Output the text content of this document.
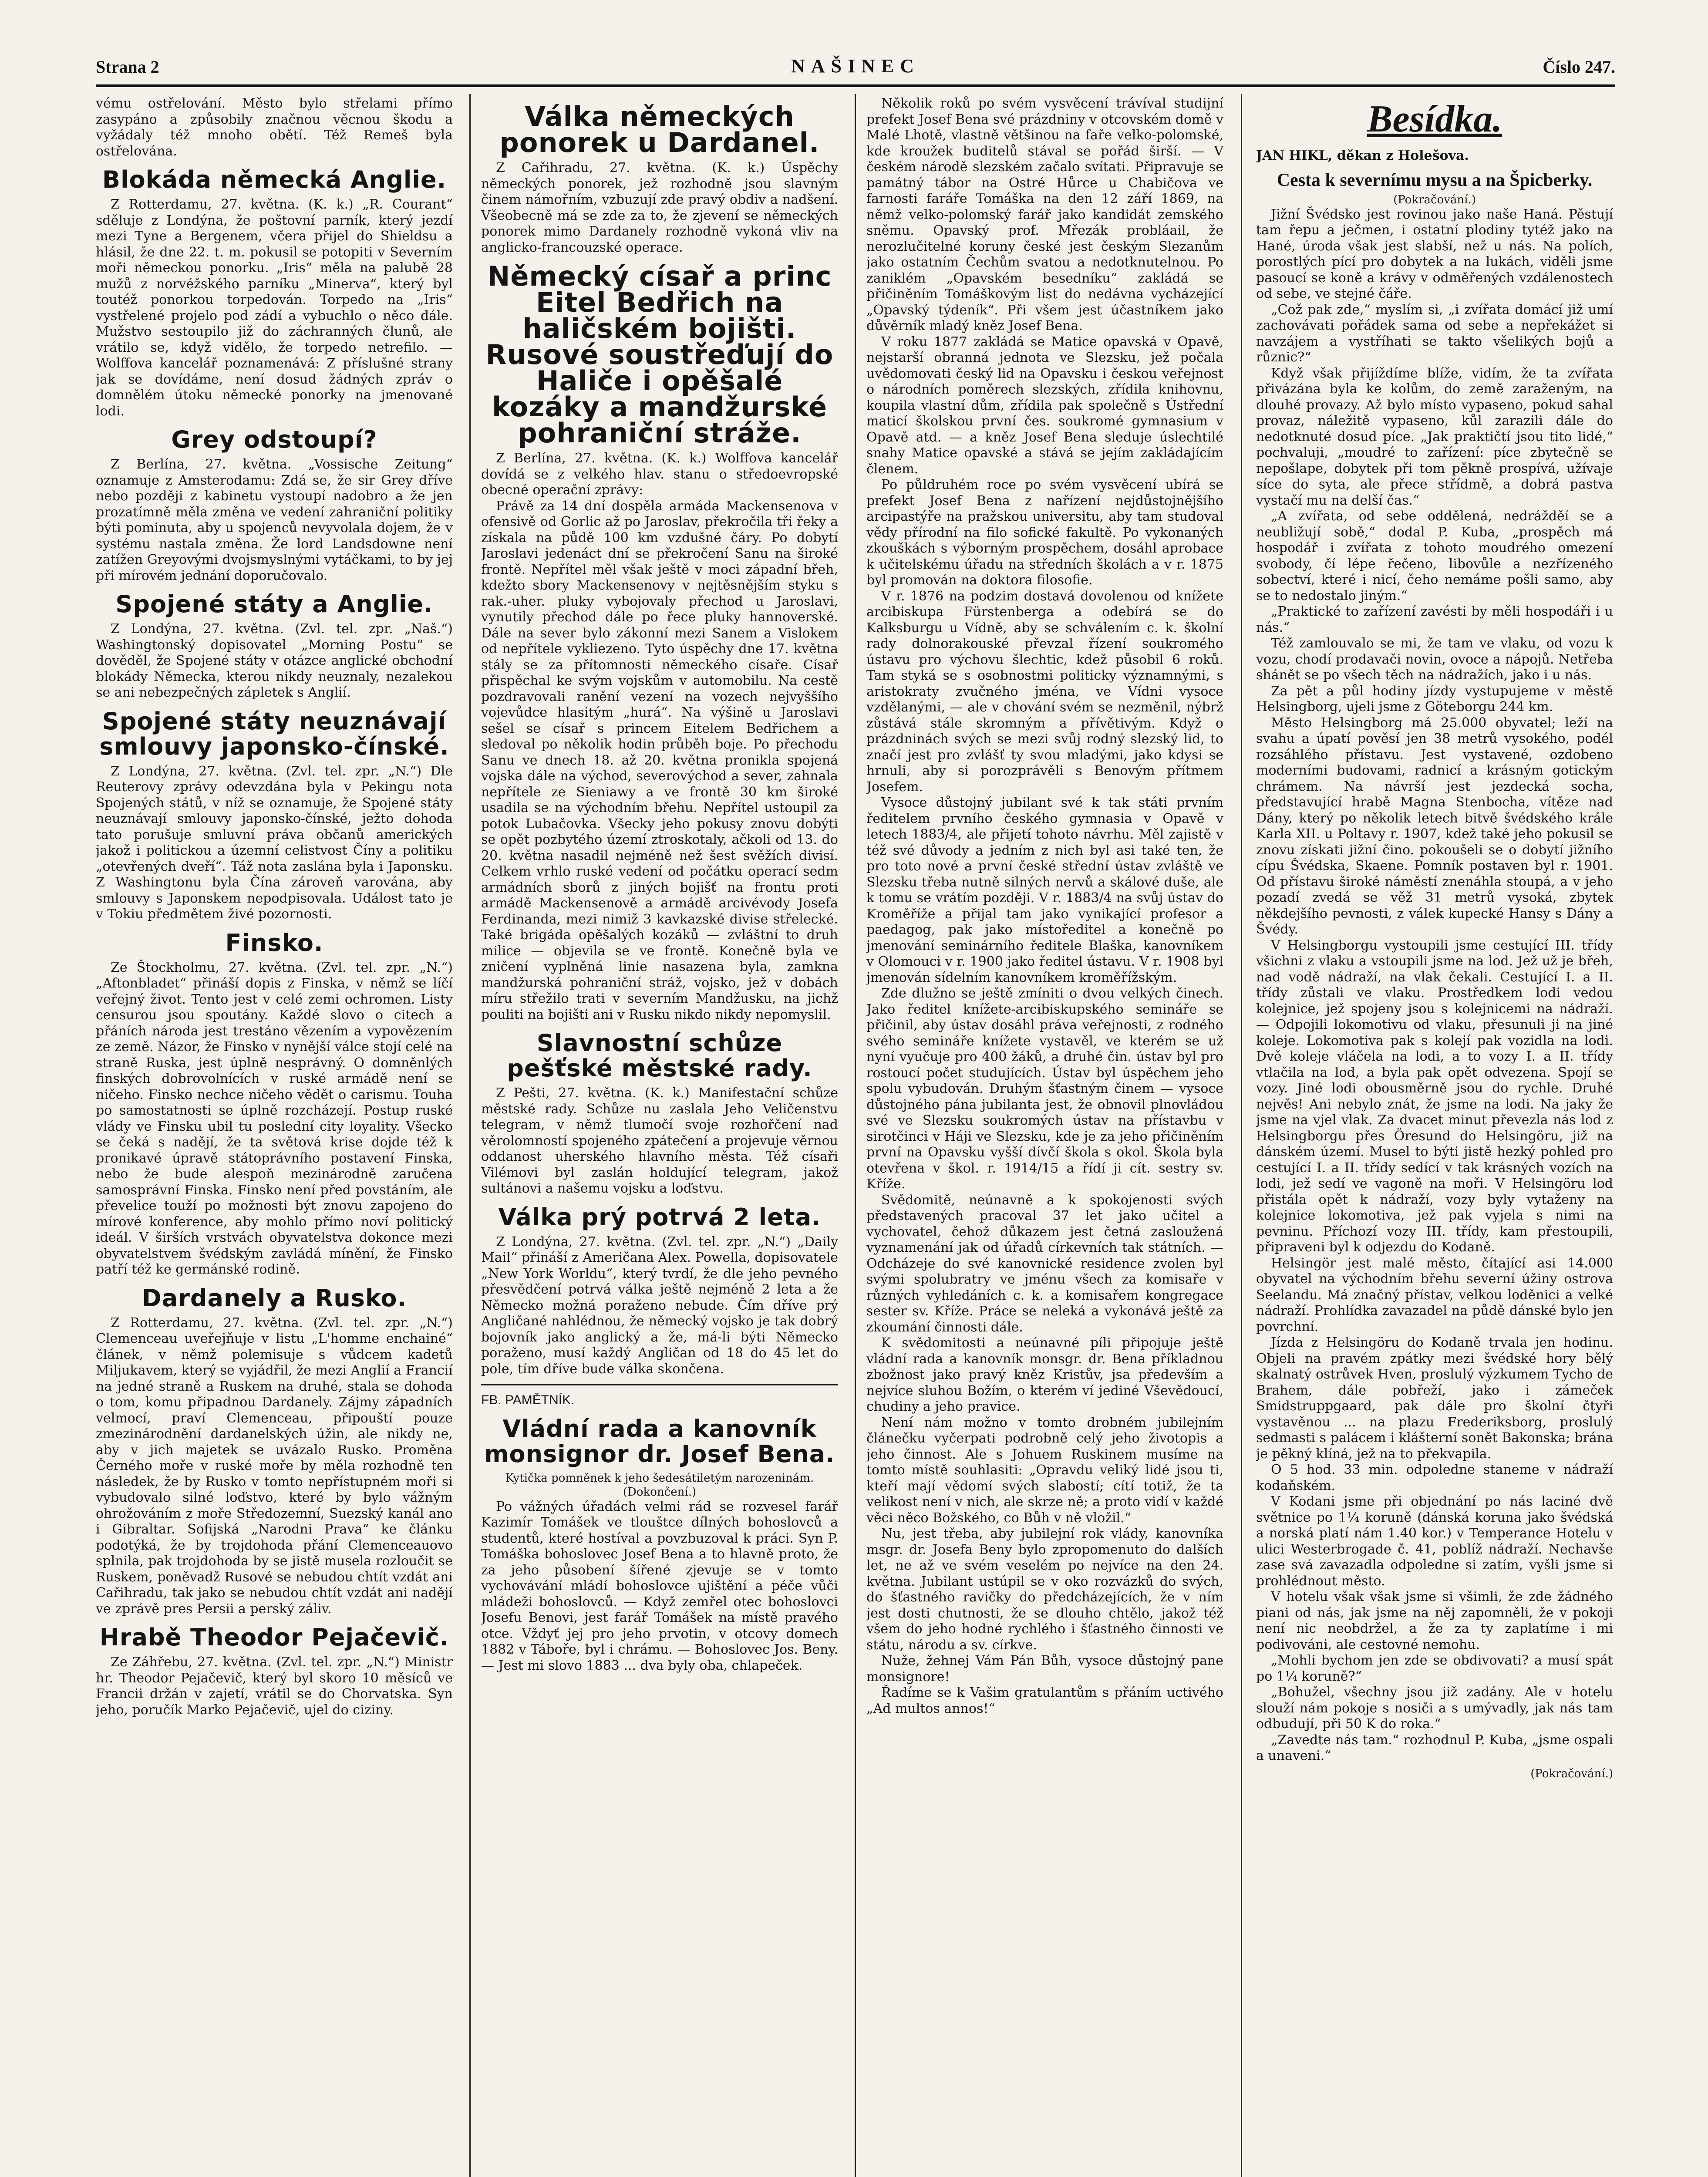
Strana 2	NAŠINEC	Číslo 247.

vému ostřelování. Město bylo střelami přímo zasypáno a způsobily značnou věcnou škodu a vyžádaly též mnoho obětí. Též Remeš byla ostřelována.

Blokáda německá Anglie.

Z Rotterdamu, 27. května. (K. k.) „R. Courant“ sděluje z Londýna, že poštovní parník, který jezdí mezi Tyne a Bergenem, včera přijel do Shieldsu a hlásil, že dne 22. t. m. pokusil se potopiti v Severním moři německou ponorku. „Iris“ měla na palubě 28 mužů z norvéžského parníku „Minerva“, který byl toutéž ponorkou torpedován. Torpedo na „Iris“ vystřelené projelo pod zádí a vybuchlo o něco dále. Mužstvo sestoupilo již do záchranných člunů, ale vrátilo se, když vidělo, že torpedo netrefilo. — Wolffova kancelář poznamenává: Z příslušné strany jak se dovídáme, není dosud žádných zpráv o domnělém útoku německé ponorky na jmenované lodi.

Grey odstoupí?

Z Berlína, 27. května. „Vossische Zeitung“ oznamuje z Amsterodamu: Zdá se, že sir Grey dříve nebo později z kabinetu vystoupí nadobro a že jen prozatímně měla změna ve vedení zahraniční politiky býti pominuta, aby u spojenců nevyvolala dojem, že v systému nastala změna. Že lord Landsdowne není zatížen Greyovými dvojsmyslnými vytáčkami, to by jej při mírovém jednání doporučovalo.

Spojené státy a Anglie.

Z Londýna, 27. května. (Zvl. tel. zpr. „Naš.“) Washingtonský dopisovatel „Morning Postu“ se dověděl, že Spojené státy v otázce anglické obchodní blokády Německa, kterou nikdy neuznaly, nezalekou se ani nebezpečných zápletek s Anglií.

Spojené státy neuznávají smlouvy japonsko-čínské.

Z Londýna, 27. května. (Zvl. tel. zpr. „N.“) Dle Reuterovy zprávy odevzdána byla v Pekingu nota Spojených států, v níž se oznamuje, že Spojené státy neuznávají smlouvy japonsko-čínské, ježto dohoda tato porušuje smluvní práva občanů amerických jakož i politickou a územní celistvost Číny a politiku „otevřených dveří“. Táž nota zaslána byla i Japonsku. Z Washingtonu byla Čína zároveň varována, aby smlouvy s Japonskem nepodpisovala. Událost tato je v Tokiu předmětem živé pozornosti.

Finsko.

Ze Štockholmu, 27. května. (Zvl. tel. zpr. „N.“) „Aftonbladet“ přináší dopis z Finska, v němž se líčí veřejný život. Tento jest v celé zemi ochromen. Listy censurou jsou spoutány. Každé slovo o citech a přáních národa jest trestáno vězením a vypovězením ze země. Názor, že Finsko v nynější válce stojí celé na straně Ruska, jest úplně nesprávný. O domněnlých finských dobrovolnících v ruské armádě není se ničeho. Finsko nechce ničeho vědět o carismu. Touha po samostatnosti se úplně rozcházejí. Postup ruské vlády ve Finsku ubil tu poslední city loyality. Všecko se čeká s nadějí, že ta světová krise dojde též k pronikavé úpravě státoprávního postavení Finska, nebo že bude alespoň mezinárodně zaručena samosprávní Finska. Finsko není před povstáním, ale převelice touží po možnosti být znovu zapojeno do mírové konference, aby mohlo přímo noví politický ideál. V širších vrstvách obyvatelstva dokonce mezi obyvatelstvem švédským zavládá mínění, že Finsko patří též ke germánské rodině.

Dardanely a Rusko.

Z Rotterdamu, 27. května. (Zvl. tel. zpr. „N.“) Clemenceau uveřejňuje v listu „L'homme enchainé“ článek, v němž polemisuje s vůdcem kadetů Miljukavem, který se vyjádřil, že mezi Anglií a Francií na jedné straně a Ruskem na druhé, stala se dohoda o tom, komu připadnou Dardanely. Zájmy západních velmocí, praví Clemenceau, připouští pouze zmezinárodnění dardanelských úžin, ale nikdy ne, aby v jich majetek se uvázalo Rusko. Proměna Černého moře v ruské moře by měla rozhodně ten následek, že by Rusko v tomto nepřístupném moři si vybudovalo silné loďstvo, které by bylo vážným ohrožováním z moře Středozemní, Suezský kanál ano i Gibraltar. Sofijská „Narodni Prava“ ke článku podotýká, že by trojdohoda přání Clemenceauovo splnila, pak trojdohoda by se jistě musela rozloučit se Ruskem, poněvadž Rusové se nebudou chtít vzdát ani Cařihradu, tak jako se nebudou chtít vzdát ani nadějí ve zprávě pres Persii a perský záliv.

Hrabě Theodor Pejačevič.

Ze Záhřebu, 27. května. (Zvl. tel. zpr. „N.“) Ministr hr. Theodor Pejačevič, který byl skoro 10 měsíců ve Francii držán v zajetí, vrátil se do Chorvatska. Syn jeho, poručík Marko Pejačevič, ujel do ciziny.

Válka německých ponorek u Dardanel.

Z Cařihradu, 27. května. (K. k.) Úspěchy německých ponorek, jež rozhodně jsou slavným činem námořním, vzbuzují zde pravý obdiv a nadšení. Všeobecně má se zde za to, že zjevení se německých ponorek mimo Dardanely rozhodně vykoná vliv na anglicko-francouzské operace.

Německý císař a princ Eitel Bedřich na haličském bojišti. Rusové soustřeďují do Haliče i opěšalé kozáky a mandžurské pohraniční stráže.

Z Berlína, 27. května. (K. k.) Wolffova kancelář dovídá se z velkého hlav. stanu o středoevropské obecné operační zprávy:

Právě za 14 dní dospěla armáda Mackensenova v ofensivě od Gorlic až po Jaroslav, překročila tři řeky a získala na půdě 100 km vzdušné čáry. Po dobytí Jaroslavi jedenáct dní se překročení Sanu na široké frontě. Nepřítel měl však ještě v moci západní břeh, kdežto sbory Mackensenovy v nejtěsnějším styku s rak.-uher. pluky vybojovaly přechod u Jaroslavi, vynutily přechod dále po řece pluky hannoverské. Dále na sever bylo zákonní mezi Sanem a Vislokem od nepřítele vykliezeno. Tyto úspěchy dne 17. května stály se za přítomnosti německého císaře. Císař přispěchal ke svým vojskům v automobilu. Na cestě pozdravovali ranění vezení na vozech nejvyššího vojevůdce hlasitým „hurá“. Na výšině u Jaroslavi sešel se císař s princem Eitelem Bedřichem a sledoval po několik hodin průběh boje. Po přechodu Sanu ve dnech 18. až 20. května pronikla spojená vojska dále na východ, severovýchod a sever, zahnala nepřítele ze Sieniawy a ve frontě 30 km široké usadila se na východním břehu. Nepřítel ustoupil za potok Lubačovka. Všecky jeho pokusy znovu dobýti se opět pozbytého území ztroskotaly, ačkoli od 13. do 20. května nasadil nejméně než šest svěžích divisí. Celkem vrhlo ruské vedení od počátku operací sedm armádních sborů z jiných bojišť na frontu proti armádě Mackensenově a armádě arcivévody Josefa Ferdinanda, mezi nimiž 3 kavkazské divise střelecké. Také brigáda opěšalých kozáků — zvláštní to druh milice — objevila se ve frontě. Konečně byla ve zničení vyplněná linie nasazena byla, zamkna mandžurská pohraniční stráž, vojsko, jež v dobách míru střežilo trati v severním Mandžusku, na jichž pouliti na bojišti ani v Rusku nikdo nikdy nepomyslil.

Slavnostní schůze pešťské městské rady.

Z Pešti, 27. května. (K. k.) Manifestační schůze městské rady. Schůze nu zaslala Jeho Veličenstvu telegram, v němž tlumočí svoje rozhořčení nad věrolomností spojeného zpátečení a projevuje věrnou oddanost uherského hlavního města. Též císaři Vilémovi byl zaslán holdující telegram, jakož sultánovi a našemu vojsku a loďstvu.

Válka prý potrvá 2 leta.

Z Londýna, 27. května. (Zvl. tel. zpr. „N.“) „Daily Mail“ přináší z Američana Alex. Powella, dopisovatele „New York Worldu“, který tvrdí, že dle jeho pevného přesvědčení potrvá válka ještě nejméně 2 leta a že Německo možná poraženo nebude. Čím dříve prý Angličané nahlédnou, že německý vojsko je tak dobrý bojovník jako anglický a že, má-li býti Německo poraženo, musí každý Angličan od 18 do 45 let do pole, tím dříve bude válka skončena.

FB. PAMĚTNÍK.
Vládní rada a kanovník monsignor dr. Josef Bena.
Kytička pomněnek k jeho šedesátiletým narozeninám.
(Dokončení.)

Po vážných úřadách velmi rád se rozvesel farář Kazimír Tomášek ve tlouštce dílných bohoslovců a studentů, které hostíval a povzbuzoval k práci. Syn P. Tomáška bohoslovec Josef Bena a to hlavně proto, že za jeho působení šířené zjevuje se v tomto vychovávání mládí bohoslovce ujištění a péče vůči mládeži bohoslovců. — Když zemřel otec bohoslovci Josefu Benovi, jest farář Tomášek na místě pravého otce. Vždyť jej pro jeho prvotin, v otcovy domech 1882 v Táboře, byl i chrámu. — Bohoslovec Jos. Beny. — Jest mi slovo 1883 ... dva byly oba, chlapeček.

Několik roků po svém vysvěcení trávíval studijní prefekt Josef Bena své prázdniny v otcovském domě v Malé Lhotě, vlastně většinou na faře velko-polomské, kde kroužek buditelů stával se pořád širší. — V českém národě slezském začalo svítati. Připravuje se památný tábor na Ostré Hůrce u Chabičova ve farnosti faráře Tomáška na den 12 září 1869, na němž velko-polomský farář jako kandidát zemského sněmu. Opavský prof. Mřezák probláail, že nerozlučitelné koruny české jest českým Slezanům jako ostatním Čechům svatou a nedotknutelnou. Po zaniklém „Opavském besedníku“ zakládá se přičiněním Tomáškovým list do nedávna vycházející „Opavský týdeník“. Při všem jest účastníkem jako důvěrník mladý kněz Josef Bena.

V roku 1877 zakládá se Matice opavská v Opavě, nejstarší obranná jednota ve Slezsku, jež počala uvědomovati český lid na Opavsku i českou veřejnost o národních poměrech slezských, zřídila knihovnu, koupila vlastní dům, zřídila pak společně s Ústřední maticí školskou první čes. soukromé gymnasium v Opavě atd. — a kněz Josef Bena sleduje úslechtilé snahy Matice opavské a stává se jejím zakládajícím členem.

Po půldruhém roce po svém vysvěcení ubírá se prefekt Josef Bena z nařízení nejdůstojnějšího arcipastýře na pražskou universitu, aby tam studoval vědy přírodní na filo sofické fakultě. Po vykonaných zkouškách s výborným prospěchem, dosáhl aprobace k učitelskému úřadu na středních školách a v r. 1875 byl promován na doktora filosofie.

V r. 1876 na podzim dostavá dovolenou od knížete arcibiskupa Fürstenberga a odebírá se do Kalksburgu u Vídně, aby se schválením c. k. školní rady dolnorakouské převzal řízení soukromého ústavu pro výchovu šlechtic, kdež působil 6 roků. Tam styká se s osobnostmi politicky významnými, s aristokraty zvučného jména, ve Vídni vysoce vzdělanými, — ale v chování svém se nezměnil, nýbrž zůstává stále skromným a přívětivým. Když o prázdninách svých se mezi svůj rodný slezský lid, to značí jest pro zvlášť ty svou mladými, jako kdysi se hrnuli, aby si porozprávěli s Benovým přítmem Josefem.

Vysoce důstojný jubilant své k tak státi prvním ředitelem prvního českého gymnasia v Opavě v letech 1883/4, ale přijetí tohoto návrhu. Měl zajistě v též své důvody a jedním z nich byl asi také ten, že pro toto nové a první české střední ústav zvláště ve Slezsku třeba nutně silných nervů a skálové duše, ale k tomu se vrátím později. V r. 1883/4 na svůj ústav do Kroměříže a přijal tam jako vynikající profesor a paedagog, pak jako místoředitel a konečně po jmenování seminárního ředitele Blaška, kanovníkem v Olomouci v r. 1900 jako ředitel ústavu. V r. 1908 byl jmenován sídelním kanovníkem kroměřížským.

Zde dlužno se ještě zmíniti o dvou velkých činech. Jako ředitel knížete-arcibiskupského semináře se přičinil, aby ústav dosáhl práva veřejnosti, z rodného svého semináře knížete vystavěl, ve kterém se už nyní vyučuje pro 400 žáků, a druhé čin. ústav byl pro rostoucí počet studujících. Ústav byl úspěchem jeho spolu vybudován. Druhým šťastným činem — vysoce důstojného pána jubilanta jest, že obnovil plnovládou své ve Slezsku soukromých ústav na přístavbu v sirotčinci v Háji ve Slezsku, kde je za jeho přičiněním první na Opavsku vyšší dívčí škola s okol. Škola byla otevřena v škol. r. 1914/15 a řídí ji cít. sestry sv. Kříže.

Svědomitě, neúnavně a k spokojenosti svých představených pracoval 37 let jako učitel a vychovatel, čehož důkazem jest četná zasloužená vyznamenání jak od úřadů církevních tak státních. — Odcházeje do své kanovnické residence zvolen byl svými spolubratry ve jménu všech za komisaře v různých vyhledáních c. k. a komisařem kongregace sester sv. Kříže. Práce se neleká a vykonává ještě za zkoumání činnosti dále.

K svědomitosti a neúnavné píli připojuje ještě vládní rada a kanovník monsgr. dr. Bena příkladnou zbožnost jako pravý kněz Kristův, jsa především a nejvíce sluhou Božím, o kterém ví jediné Vševědoucí, chudiny a jeho pravice.

Není nám možno v tomto drobném jubilejním článečku vyčerpati podrobně celý jeho životopis a jeho činnost. Ale s Johuem Ruskinem musíme na tomto místě souhlasiti: „Opravdu veliký lidé jsou ti, kteří mají vědomí svých slabostí; cítí totiž, že ta velikost není v nich, ale skrze ně; a proto vidí v každé věci něco Božského, co Bůh v ně vložil.“

Nu, jest třeba, aby jubilejní rok vlády, kanovníka msgr. dr. Josefa Beny bylo zpropomenuto do dalších let, ne až ve svém veselém po nejvíce na den 24. května. Jubilant ustúpil se v oko rozvázků do svých, do šťastného ravičky do předcházejících, že v ním jest dosti chutnosti, že se dlouho chtělo, jakož též všem do jeho hodné rychlého i šťastného činnosti ve státu, národu a sv. církve.

Nuže, žehnej Vám Pán Bůh, vysoce důstojný pane monsignore!

Řadíme se k Vašim gratulantům s přáním uctivého „Ad multos annos!“

Besídka.
JAN HIKL, děkan z Holešova.
Cesta k severnímu mysu a na Špicberky.
(Pokračování.)

Jižní Švédsko jest rovinou jako naše Haná. Pěstují tam řepu a ječmen, i ostatní plodiny tytéž jako na Hané, úroda však jest slabší, než u nás. Na polích, porostlých pící pro dobytek a na lukách, viděli jsme pasoucí se koně a krávy v odměřených vzdálenostech od sebe, ve stejné čáře.

„Což pak zde,“ myslím si, „i zvířata domácí již umí zachovávati pořádek sama od sebe a nepřekážet si navzájem a vystříhati se takto všelikých bojů a různic?“

Když však přijíždíme blíže, vidím, že ta zvířata přivázána byla ke kolům, do země zaraženým, na dlouhé provazy. Až bylo místo vypaseno, pokud sahal provaz, náležitě vypaseno, kůl zarazili dále do nedotknuté dosud píce. „Jak praktičtí jsou tito lidé,“ pochvaluji, „moudré to zařízení: píce zbytečně se nepošlape, dobytek při tom pěkně prospívá, užívaje síce do syta, ale přece střídmě, a dobrá pastva vystačí mu na delší čas.“

„A zvířata, od sebe oddělená, nedrážděí se a neubližují sobě,“ dodal P. Kuba, „prospěch má hospodář i zvířata z tohoto moudrého omezení svobody, čí lépe řečeno, libovůle a nezřízeného sobectví, které i nicí, čeho nemáme pošli samo, aby se to nedostalo jiným.“

„Praktické to zařízení zavésti by měli hospodáři i u nás.“

Též zamlouvalo se mi, že tam ve vlaku, od vozu k vozu, chodí prodavači novin, ovoce a nápojů. Netřeba shánět se po všech těch na nádražích, jako i u nás.

Za pět a půl hodiny jízdy vystupujeme v městě Helsingborg, ujeli jsme z Göteborgu 244 km.

Město Helsingborg má 25.000 obyvatel; leží na svahu a úpatí pověsí jen 38 metrů vysokého, podél rozsáhlého přístavu. Jest vystavené, ozdobeno moderními budovami, radnicí a krásným gotickým chrámem. Na návrší jest jezdecká socha, představující hrabě Magna Stenbocha, vítěze nad Dány, který po několik letech bitvě švédského krále Karla XII. u Poltavy r. 1907, kdež také jeho pokusil se znovu získati jižní čino. pokoušeli se o dobytí jižního cípu Švédska, Skaene. Pomník postaven byl r. 1901. Od přístavu široké náměstí znenáhla stoupá, a v jeho pozadí zvedá se věž 31 metrů vysoká, zbytek někdejšího pevnosti, z válek kupecké Hansy s Dány a Švédy.

V Helsingborgu vystoupili jsme cestující III. třídy všichni z vlaku a vstoupili jsme na lod. Jež už je břeh, nad vodě nádraží, na vlak čekali. Cestující I. a II. třídy zůstali ve vlaku. Prostředkem lodi vedou kolejnice, jež spojeny jsou s kolejnicemi na nádraží. — Odpojili lokomotivu od vlaku, přesunuli ji na jiné koleje. Lokomotiva pak s kolejí pak vozidla na lodi. Dvě koleje vláčela na lodi, a to vozy I. a II. třídy vtlačila na lod, a byla pak opět odvezena. Spojí se vozy. Jiné lodi obousměrně jsou do rychle. Druhé nejvěs! Ani nebylo znát, že jsme na lodi. Na jaky že jsme na vjel vlak. Za dvacet minut převezla nás lod z Helsingborgu přes Öresund do Helsingöru, již na dánském území. Musel to býti jistě hezký pohled pro cestující I. a II. třídy sedící v tak krásných vozích na lodi, jež sedí ve vagoně na moři. V Helsingöru lod přistála opět k nádraží, vozy byly vytaženy na kolejnice lokomotiva, jež pak vyjela s nimi na pevninu. Příchozí vozy III. třídy, kam přestoupili, připraveni byl k odjezdu do Kodaně.

Helsingör jest malé město, čítající asi 14.000 obyvatel na východním břehu severní úžiny ostrova Seelandu. Má značný přístav, velkou loděnici a velké nádraží. Prohlídka zavazadel na půdě dánské bylo jen povrchní.

Jízda z Helsingöru do Kodaně trvala jen hodinu. Objeli na pravém zpátky mezi švédské hory bělý skalnatý ostrůvek Hven, proslulý výzkumem Tycho de Brahem, dále pobřeží, jako i zámeček Smidstruppgaard, pak dále pro školní čtyři vystavěnou ... na plazu Frederiksborg, proslulý sedmasti s palácem i klášterní sonět Bakonska; brána je pěkný klíná, jež na to překvapila.

O 5 hod. 33 min. odpoledne staneme v nádraží kodaňském.

V Kodani jsme při objednání po nás laciné dvě světnice po 1¼ koruně (dánská koruna jako švédská a norská platí nám 1.40 kor.) v Temperance Hotelu v ulici Westerbrogade č. 41, poblíž nádraží. Nechavše zase svá zavazadla odpoledne si zatím, vyšli jsme si prohlédnout město.

V hotelu však však jsme si všimli, že zde žádného piani od nás, jak jsme na něj zapomněli, že v pokoji není nic neobdržel, a že za ty zaplatíme i mi podivováni, ale cestovné nemohu.

„Mohli bychom jen zde se obdivovati? a musí spát po 1¼ koruně?“

„Bohužel, všechny jsou již zadány. Ale v hotelu slouží nám pokoje s nosiči a s umývadly, jak nás tam odbudují, při 50 K do roka.“

„Zavedte nás tam.“ rozhodnul P. Kuba, „jsme ospali a unaveni.“

(Pokračování.)
